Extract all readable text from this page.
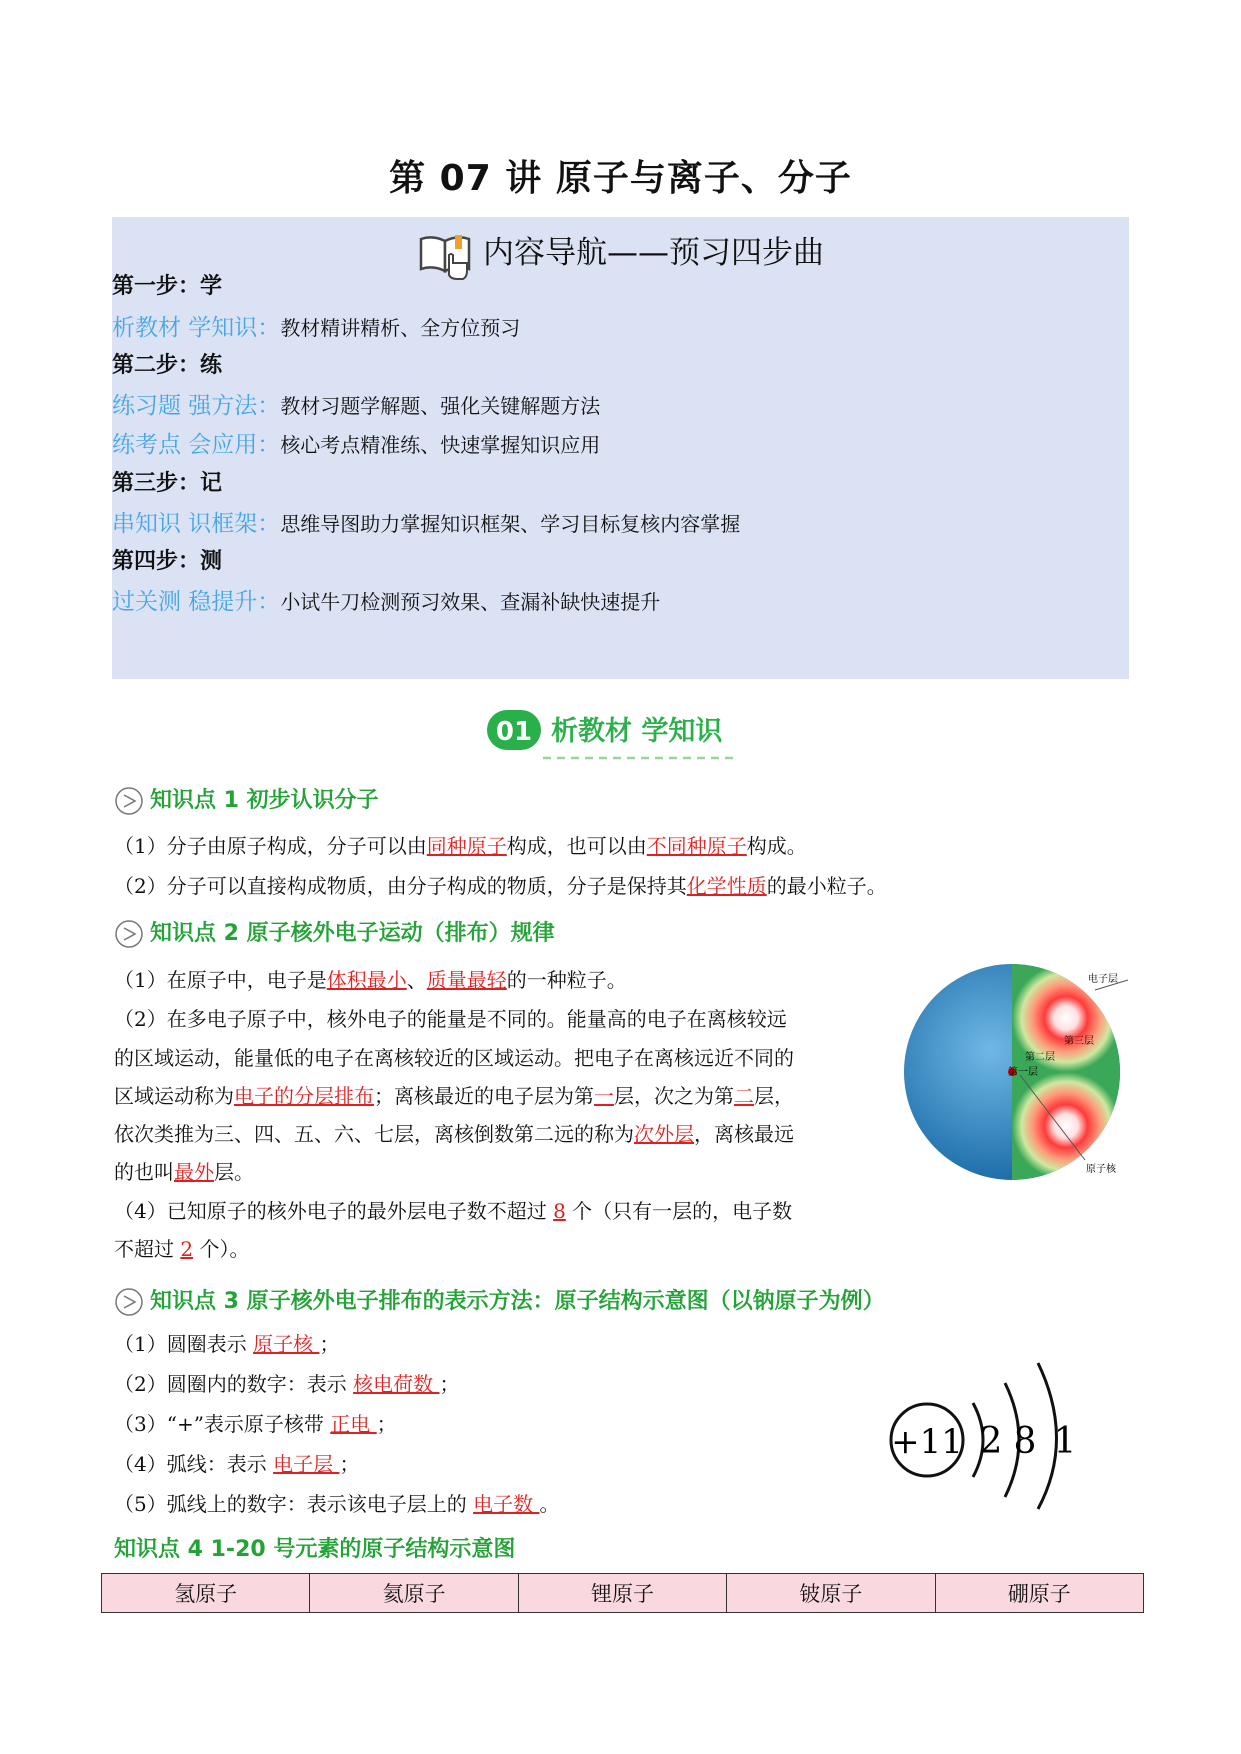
第 07 讲 原子与离子、分子
内容导航——预习四步曲
第一步：学
析教材 学知识：教材精讲精析、全方位预习
第二步：练
练习题 强方法：教材习题学解题、强化关键解题方法
练考点 会应用：核心考点精准练、快速掌握知识应用
第三步：记
串知识 识框架：思维导图助力掌握知识框架、学习目标复核内容掌握
第四步：测
过关测 稳提升：小试牛刀检测预习效果、查漏补缺快速提升
01 析教材 学知识
知识点 1 初步认识分子
（1）分子由原子构成，分子可以由同种原子构成，也可以由不同种原子构成。
（2）分子可以直接构成物质，由分子构成的物质，分子是保持其化学性质的最小粒子。
知识点 2 原子核外电子运动（排布）规律
（1）在原子中，电子是体积最小、质量最轻的一种粒子。
（2）在多电子原子中，核外电子的能量是不同的。能量高的电子在离核较远
的区域运动，能量低的电子在离核较近的区域运动。把电子在离核远近不同的
区域运动称为电子的分层排布；离核最近的电子层为第一层，次之为第二层，
依次类推为三、四、五、六、七层，离核倒数第二远的称为次外层，离核最远
的也叫最外层。
（4）已知原子的核外电子的最外层电子数不超过 8 个（只有一层的，电子数
不超过 2 个）。
电子层
第三层
第二层
第一层
原子核
知识点 3 原子核外电子排布的表示方法：原子结构示意图（以钠原子为例）
（1）圆圈表示 原子核 ；
（2）圆圈内的数字：表示 核电荷数 ；
（3）“+”表示原子核带 正电 ；
（4）弧线：表示 电子层 ；
（5）弧线上的数字：表示该电子层上的 电子数 。
+11 2 8 1
知识点 4 1-20 号元素的原子结构示意图
氢原子	氦原子	锂原子	铍原子	硼原子
